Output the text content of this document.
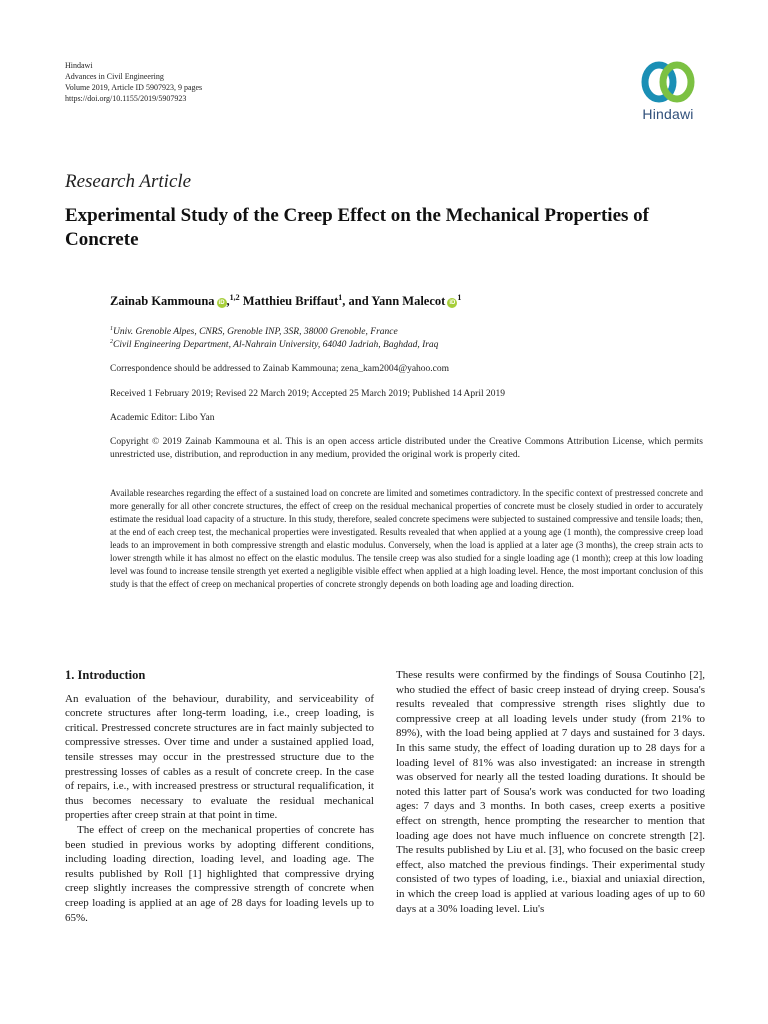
Hindawi
Advances in Civil Engineering
Volume 2019, Article ID 5907923, 9 pages
https://doi.org/10.1155/2019/5907923
Hindawi
Research Article
Experimental Study of the Creep Effect on the Mechanical Properties of Concrete
Zainab Kammouna iD ,$^{1,2}$ Matthieu Briffaut$^1$, and Yann Malecot $iD^1$
$^1$Univ. Grenoble Alpes, CNRS, Grenoble INP, 3SR, 38000 Grenoble, France
$^2$Civil Engineering Department, Al-Nahrain University, 64040 Jadriah, Baghdad, Iraq
Correspondence should be addressed to Zainab Kammouna; zena_kam2004@yahoo.com
Received 1 February 2019; Revised 22 March 2019; Accepted 25 March 2019; Published 14 April 2019
Academic Editor: Libo Yan
Copyright © 2019 Zainab Kammouna et al. This is an open access article distributed under the Creative Commons Attribution License, which permits unrestricted use, distribution, and reproduction in any medium, provided the original work is properly cited.
Available researches regarding the effect of a sustained load on concrete are limited and sometimes contradictory. In the specific context of prestressed concrete and more generally for all other concrete structures, the effect of creep on the residual mechanical properties of concrete must be closely studied in order to accurately estimate the residual load capacity of a structure. In this study, therefore, sealed concrete specimens were subjected to sustained compressive and tensile loads; then, at the end of each creep test, the mechanical properties were investigated. Results revealed that when applied at a young age (1 month), the compressive creep load leads to an improvement in both compressive strength and elastic modulus. Conversely, when the load is applied at a later age (3 months), the creep strain acts to lower strength while it has almost no effect on the elastic modulus. The tensile creep was also studied for a single loading age (1 month); creep at this low loading level was found to increase tensile strength yet exerted a negligible visible effect when applied at a high loading level. Hence, the most important conclusion of this study is that the effect of creep on mechanical properties of concrete strongly depends on both loading age and loading direction.
1. Introduction

An evaluation of the behaviour, durability, and serviceability of concrete structures after long-term loading, i.e., creep loading, is critical. Prestressed concrete structures are in fact mainly subjected to compressive stresses. Over time and under a sustained applied load, tensile stresses may occur in the prestressed structure due to the prestressing losses of cables as a result of concrete creep. In the case of repairs, i.e., with increased prestress or structural requalification, it thus becomes necessary to evaluate the residual mechanical properties after creep strain at that point in time.

The effect of creep on the mechanical properties of concrete has been studied in previous works by adopting different conditions, including loading direction, loading level, and loading age. The results published by Roll [1] highlighted that compressive drying creep slightly increases the compressive strength of concrete when creep loading is applied at an age of 28 days for loading levels up to 65%.

These results were confirmed by the findings of Sousa Coutinho [2], who studied the effect of basic creep instead of drying creep. Sousa's results revealed that compressive strength rises slightly due to compressive creep at all loading levels under study (from 21% to 89%), with the load being applied at 7 days and sustained for 3 days. In this same study, the effect of loading duration up to 28 days for a loading level of 81% was also investigated: an increase in strength was observed for nearly all the tested loading durations. It should be noted this latter part of Sousa's work was conducted for two loading ages: 7 days and 3 months. In both cases, creep exerts a positive effect on strength, hence prompting the researcher to mention that loading age does not have much influence on concrete strength [2]. The results published by Liu et al. [3], who focused on the basic creep effect, also matched the previous findings. Their experimental study consisted of two types of loading, i.e., biaxial and uniaxial direction, in which the creep load is applied at various loading ages of up to 60 days at a 30% loading level. Liu's
